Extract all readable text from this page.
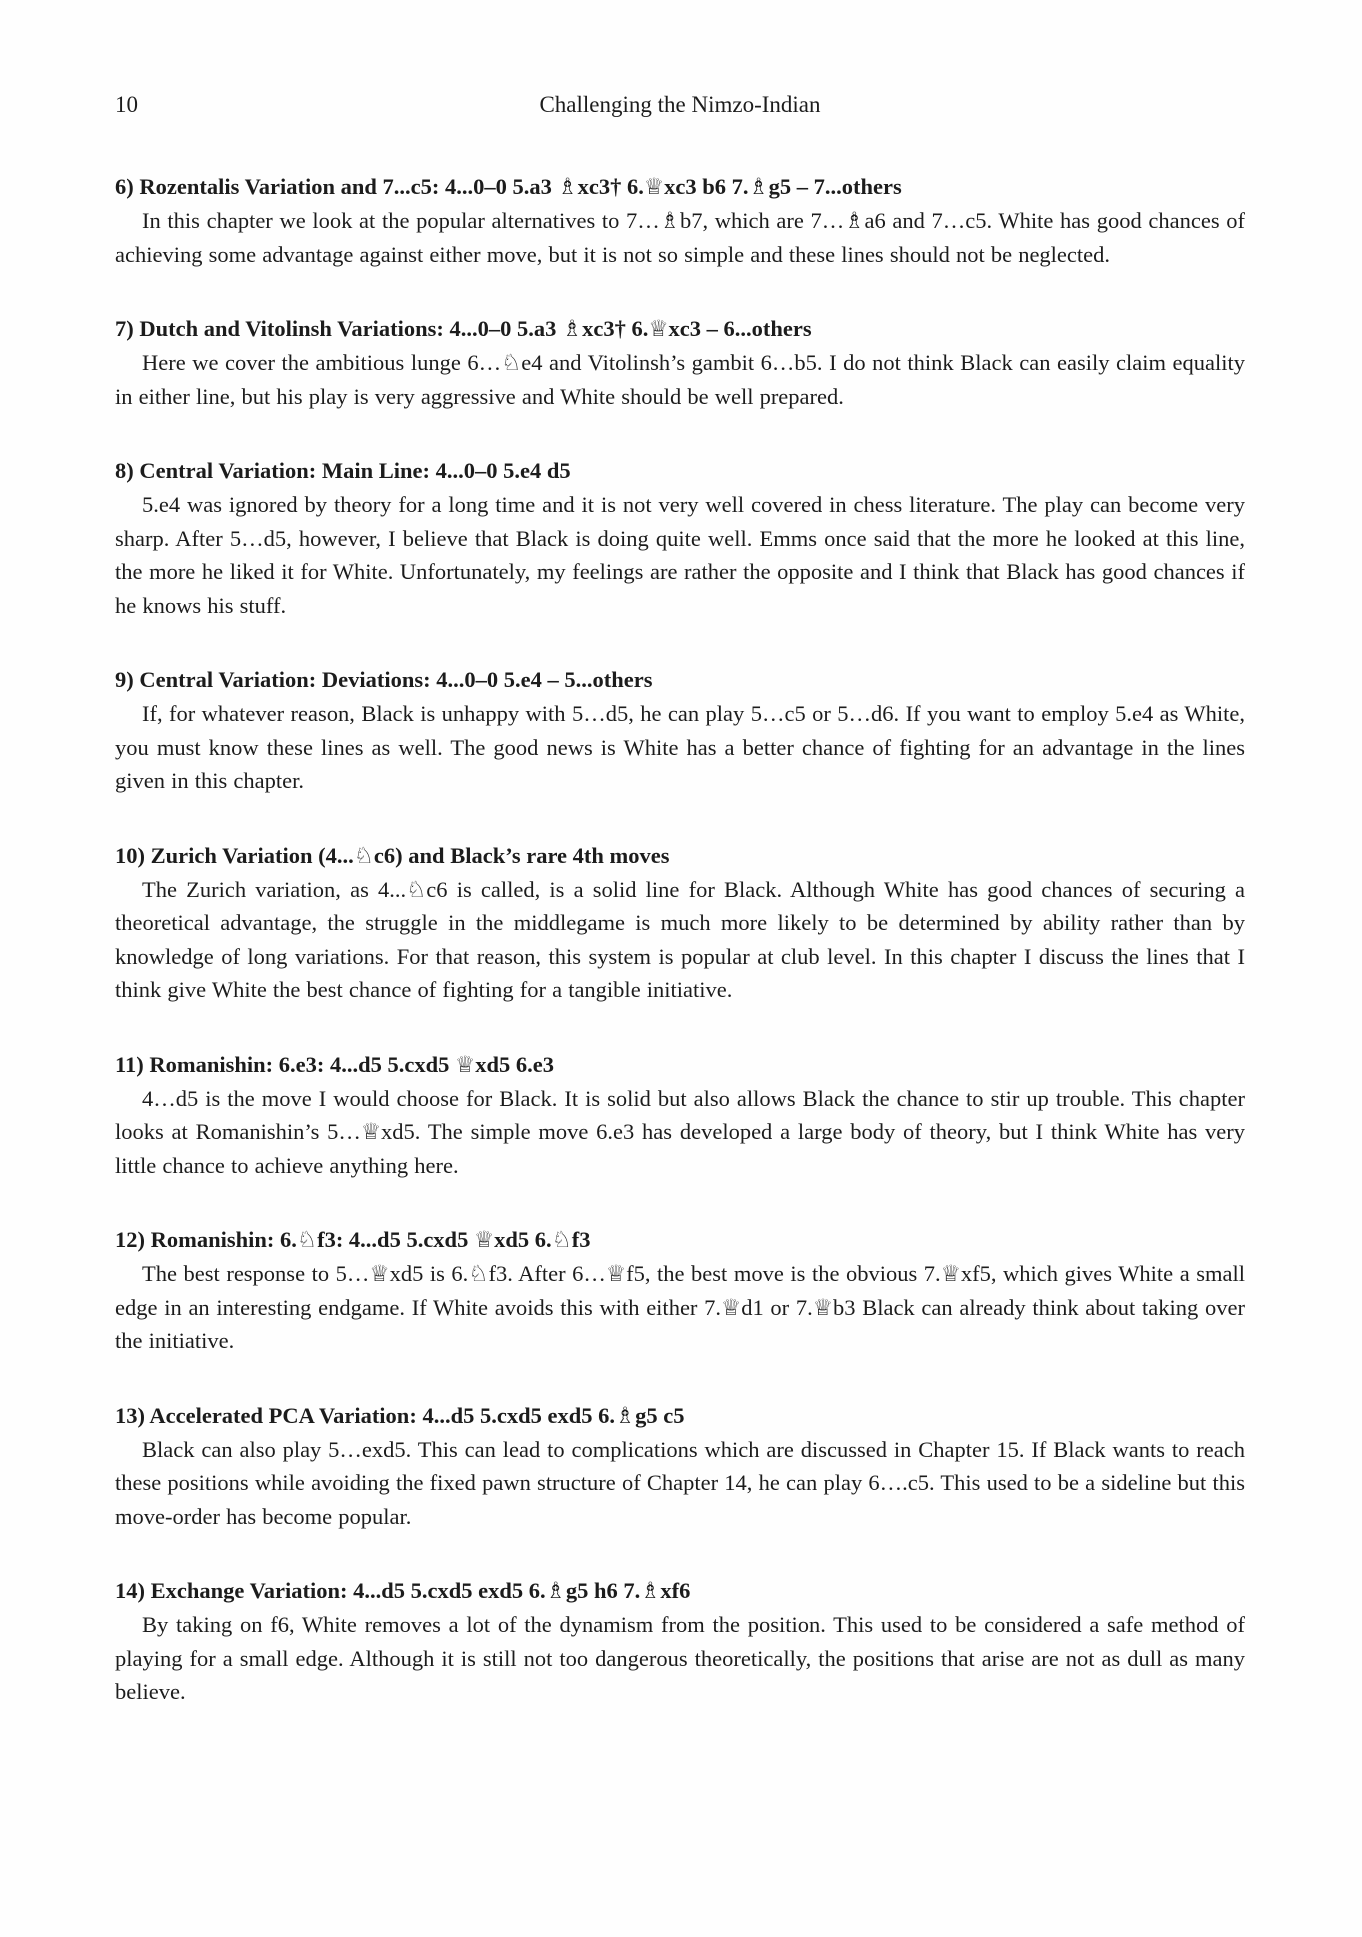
10	Challenging the Nimzo-Indian
6) Rozentalis Variation and 7...c5: 4...0–0 5.a3 ♗xc3† 6.♕xc3 b6 7.♗g5 – 7...others

In this chapter we look at the popular alternatives to 7…♗b7, which are 7…♗a6 and 7…c5. White has good chances of achieving some advantage against either move, but it is not so simple and these lines should not be neglected.

7) Dutch and Vitolinsh Variations: 4...0–0 5.a3 ♗xc3† 6.♕xc3 – 6...others

Here we cover the ambitious lunge 6…♘e4 and Vitolinsh’s gambit 6…b5. I do not think Black can easily claim equality in either line, but his play is very aggressive and White should be well prepared.

8) Central Variation: Main Line: 4...0–0 5.e4 d5

5.e4 was ignored by theory for a long time and it is not very well covered in chess literature. The play can become very sharp. After 5…d5, however, I believe that Black is doing quite well. Emms once said that the more he looked at this line, the more he liked it for White. Unfortunately, my feelings are rather the opposite and I think that Black has good chances if he knows his stuff.

9) Central Variation: Deviations: 4...0–0 5.e4 – 5...others

If, for whatever reason, Black is unhappy with 5…d5, he can play 5…c5 or 5…d6. If you want to employ 5.e4 as White, you must know these lines as well. The good news is White has a better chance of fighting for an advantage in the lines given in this chapter.

10) Zurich Variation (4...♘c6) and Black’s rare 4th moves

The Zurich variation, as 4...♘c6 is called, is a solid line for Black. Although White has good chances of securing a theoretical advantage, the struggle in the middlegame is much more likely to be determined by ability rather than by knowledge of long variations. For that reason, this system is popular at club level. In this chapter I discuss the lines that I think give White the best chance of fighting for a tangible initiative.

11) Romanishin: 6.e3: 4...d5 5.cxd5 ♕xd5 6.e3

4…d5 is the move I would choose for Black. It is solid but also allows Black the chance to stir up trouble. This chapter looks at Romanishin’s 5…♕xd5. The simple move 6.e3 has developed a large body of theory, but I think White has very little chance to achieve anything here.

12) Romanishin: 6.♘f3: 4...d5 5.cxd5 ♕xd5 6.♘f3

The best response to 5…♕xd5 is 6.♘f3. After 6…♕f5, the best move is the obvious 7.♕xf5, which gives White a small edge in an interesting endgame. If White avoids this with either 7.♕d1 or 7.♕b3 Black can already think about taking over the initiative.

13) Accelerated PCA Variation: 4...d5 5.cxd5 exd5 6.♗g5 c5

Black can also play 5…exd5. This can lead to complications which are discussed in Chapter 15. If Black wants to reach these positions while avoiding the fixed pawn structure of Chapter 14, he can play 6….c5. This used to be a sideline but this move-order has become popular.

14) Exchange Variation: 4...d5 5.cxd5 exd5 6.♗g5 h6 7.♗xf6

By taking on f6, White removes a lot of the dynamism from the position. This used to be considered a safe method of playing for a small edge. Although it is still not too dangerous theoretically, the positions that arise are not as dull as many believe.
